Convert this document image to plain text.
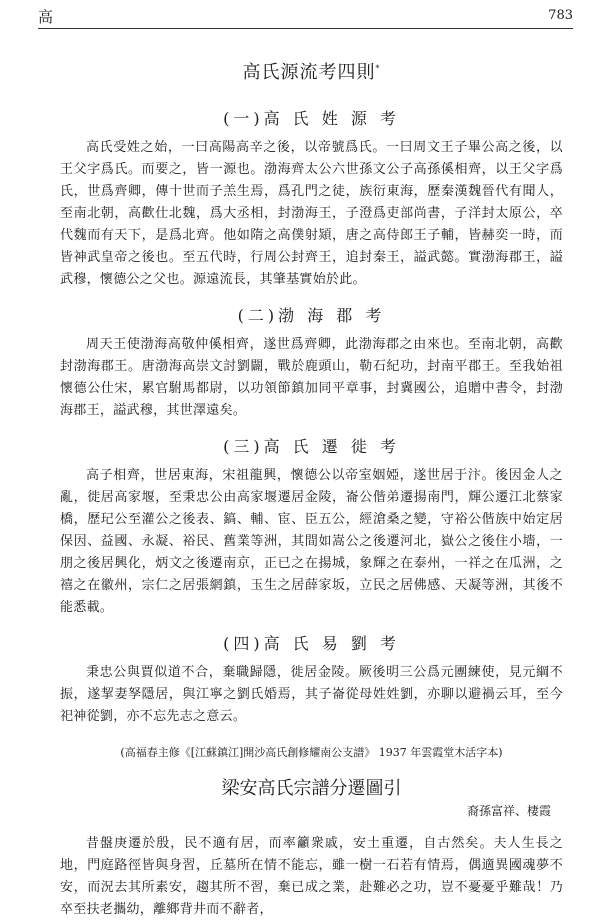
高	783
高氏源流考四則*
(一)高 氏 姓 源 考

高氏受姓之始，一曰高陽高辛之後，以帝號爲氏。一曰周文王子畢公高之後，以王父字爲氏。而要之，皆一源也。渤海齊太公六世孫文公子高孫傒相齊，以王父字爲氏，世爲齊卿，傳十世而子羔生焉，爲孔門之徒，族衍東海，歷秦漢魏晉代有聞人，至南北朝，高歡仕北魏，爲大丞相，封渤海王，子澄爲吏部尚書，子洋封太原公，卒代魏而有天下，是爲北齊。他如隋之高僕射熲，唐之高侍郎王子輔，皆赫奕一時，而皆神武皇帝之後也。至五代時，行周公封齊王，追封秦王，謚武懿。實渤海郡王，謚武穆，懷德公之父也。源遠流長，其肇基實始於此。

(二)渤 海 郡 考

周天王使渤海高敬仲傒相齊，遂世爲齊卿，此渤海郡之由來也。至南北朝，高歡封渤海郡王。唐渤海高崇文討劉闢，戰於鹿頭山，勒石紀功，封南平郡王。至我始祖懷德公仕宋，累官駙馬都尉，以功領節鎮加同平章事，封冀國公，追贈中書令，封渤海郡王，謚武穆，其世澤遠矣。

(三)高 氏 遷 徙 考

高子相齊，世居東海，宋祖龍興，懷德公以帝室姻婭，遂世居于汴。後因金人之亂，徙居高家堰，至秉忠公由高家堰遷居金陵，崙公偕弟遷揚南門，輝公遷江北蔡家橋，歷玘公至灌公之後表、鎬、輔、宦、臣五公，經滄桑之變，守裕公偕族中始定居保因、益國、永凝、裕民、舊業等洲，其間如嵩公之後遷河北，嶽公之後住小墻，一朋之後居興化，炳文之後遷南京，正已之在揚城，象輝之在泰州，一祥之在瓜洲，之禧之在徽州，宗仁之居張網鎮，玉生之居薛家坂，立民之居佛感、天凝等洲，其後不能悉載。

(四)高 氏 易 劉 考

秉忠公與賈似道不合，棄職歸隱，徙居金陵。厥後明三公爲元團練使，見元綱不振，遂挈妻孥隱居，與江寧之劉氏婚焉，其子崙從母姓姓劉，亦聊以避禍云耳，至今祀神從劉，亦不忘先志之意云。

(高福春主修《[江蘇鎮江]開沙高氏創修耀南公支譜》 1937 年雲霞堂木活字本)
梁安高氏宗譜分遷圖引
裔孫富祥、棲霞

昔盤庚遷於殷，民不適有居，而率籲衆戚，安土重遷，自古然矣。夫人生長之地，門庭路徑皆與身習，丘墓所在情不能忘，雖一樹一石若有情焉，偶適異國魂夢不安，而況去其所素安，趨其所不習，棄已成之業，赴難必之功，豈不憂憂乎難哉！乃卒至扶老攜幼，離鄉背井而不辭者，
